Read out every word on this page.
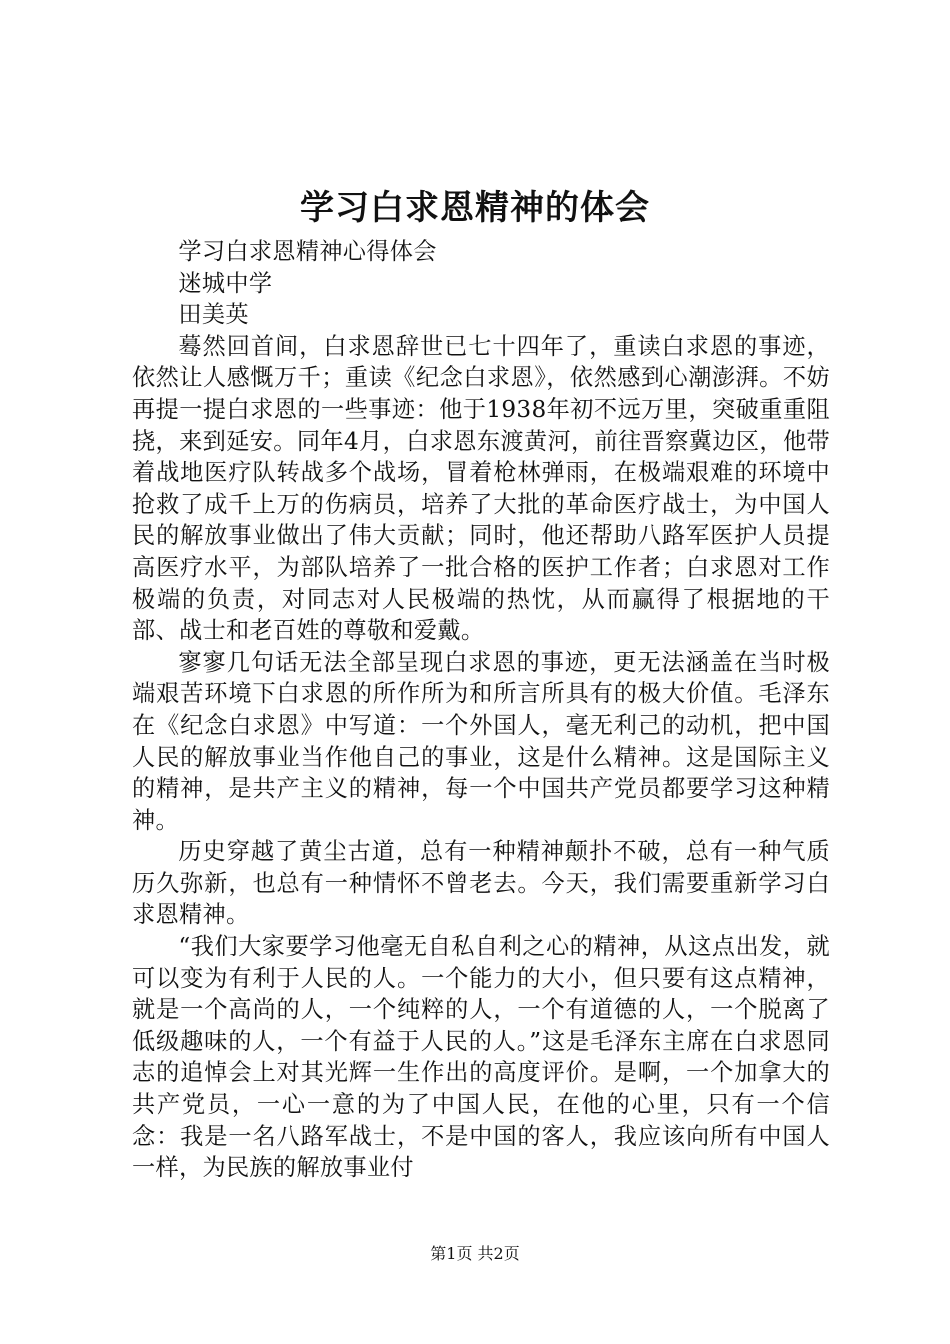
学习白求恩精神的体会

学习白求恩精神心得体会

迷城中学

田美英

蓦然回首间，白求恩辞世已七十四年了，重读白求恩的事迹，依然让人感慨万千；重读《纪念白求恩》，依然感到心潮澎湃。不妨再提一提白求恩的一些事迹：他于1938年初不远万里，突破重重阻挠，来到延安。同年4月，白求恩东渡黄河，前往晋察冀边区，他带着战地医疗队转战多个战场，冒着枪林弹雨，在极端艰难的环境中抢救了成千上万的伤病员，培养了大批的革命医疗战士，为中国人民的解放事业做出了伟大贡献；同时，他还帮助八路军医护人员提高医疗水平，为部队培养了一批合格的医护工作者；白求恩对工作极端的负责，对同志对人民极端的热忱，从而赢得了根据地的干部、战士和老百姓的尊敬和爱戴。

寥寥几句话无法全部呈现白求恩的事迹，更无法涵盖在当时极端艰苦环境下白求恩的所作所为和所言所具有的极大价值。毛泽东在《纪念白求恩》中写道：一个外国人，毫无利己的动机，把中国人民的解放事业当作他自己的事业，这是什么精神。这是国际主义的精神，是共产主义的精神，每一个中国共产党员都要学习这种精神。

历史穿越了黄尘古道，总有一种精神颠扑不破，总有一种气质历久弥新，也总有一种情怀不曾老去。今天，我们需要重新学习白求恩精神。

“我们大家要学习他毫无自私自利之心的精神，从这点出发，就可以变为有利于人民的人。一个能力的大小，但只要有这点精神，就是一个高尚的人，一个纯粹的人，一个有道德的人，一个脱离了低级趣味的人，一个有益于人民的人。”这是毛泽东主席在白求恩同志的追悼会上对其光辉一生作出的高度评价。是啊，一个加拿大的共产党员，一心一意的为了中国人民，在他的心里，只有一个信念：我是一名八路军战士，不是中国的客人，我应该向所有中国人一样，为民族的解放事业付

第1页 共2页
